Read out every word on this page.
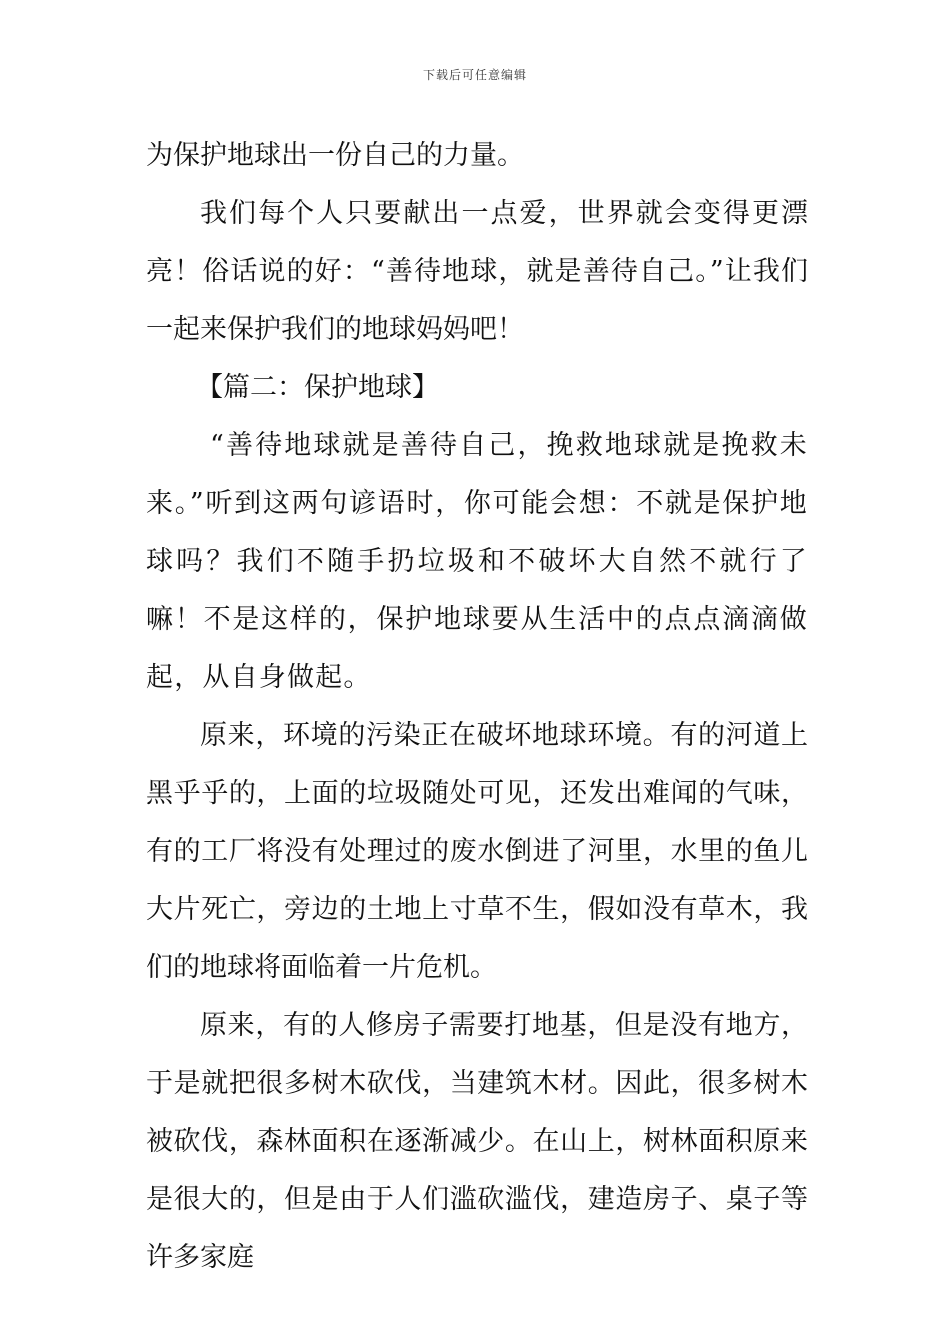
下载后可任意编辑

为保护地球出一份自己的力量。

我们每个人只要献出一点爱，世界就会变得更漂亮！俗话说的好：“善待地球，就是善待自己。”让我们一起来保护我们的地球妈妈吧！

【篇二：保护地球】

“善待地球就是善待自己，挽救地球就是挽救未来。”听到这两句谚语时，你可能会想：不就是保护地球吗？我们不随手扔垃圾和不破坏大自然不就行了嘛！不是这样的，保护地球要从生活中的点点滴滴做起，从自身做起。

原来，环境的污染正在破坏地球环境。有的河道上黑乎乎的，上面的垃圾随处可见，还发出难闻的气味，有的工厂将没有处理过的废水倒进了河里，水里的鱼儿大片死亡，旁边的土地上寸草不生，假如没有草木，我们的地球将面临着一片危机。

原来，有的人修房子需要打地基，但是没有地方，于是就把很多树木砍伐，当建筑木材。因此，很多树木被砍伐，森林面积在逐渐减少。在山上，树林面积原来是很大的，但是由于人们滥砍滥伐，建造房子、桌子等许多家庭
